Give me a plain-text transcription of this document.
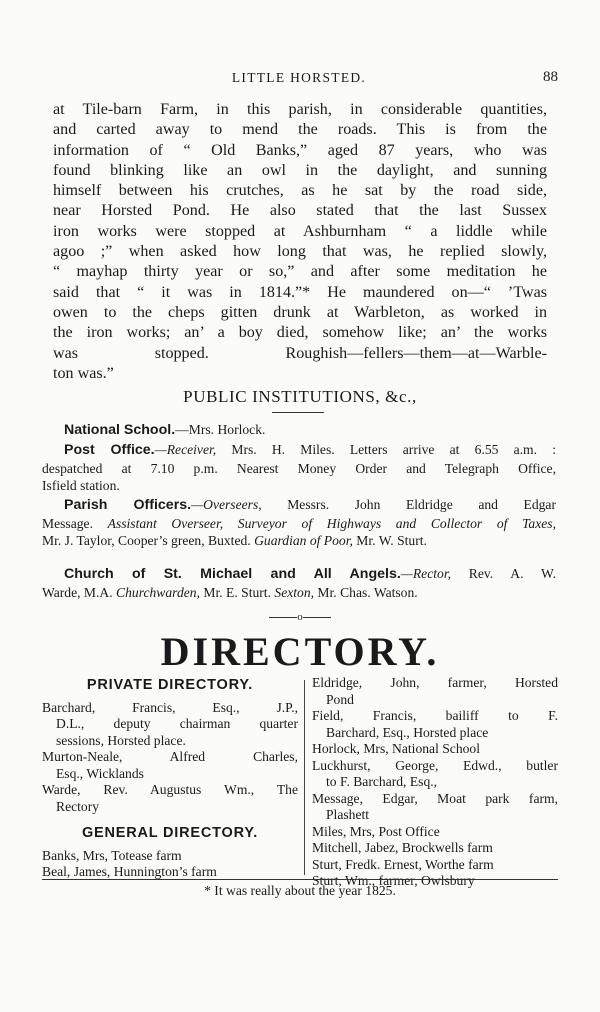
LITTLE HORSTED.	88

at Tile-barn Farm, in this parish, in considerable quantities,
and carted away to mend the roads. This is from the
information of “ Old Banks,” aged 87 years, who was
found blinking like an owl in the daylight, and sunning
himself between his crutches, as he sat by the road side,
near Horsted Pond. He also stated that the last Sussex
iron works were stopped at Ashburnham “ a liddle while
agoo ;” when asked how long that was, he replied slowly,
“ mayhap thirty year or so,” and after some meditation he
said that “ it was in 1814.”* He maundered on—“ ’Twas
owen to the cheps gitten drunk at Warbleton, as worked in
the iron works; an’ a boy died, somehow like; an’ the works
was stopped. Roughish—fellers—them—at—Warble-
ton was.”

PUBLIC INSTITUTIONS, &c.,

National School.—Mrs. Horlock.

Post Office.—Receiver, Mrs. H. Miles. Letters arrive at 6.55 a.m. :
despatched at 7.10 p.m. Nearest Money Order and Telegraph Office,
Isfield station.

Parish Officers.—Overseers, Messrs. John Eldridge and Edgar
Message. Assistant Overseer, Surveyor of Highways and Collector of Taxes,
Mr. J. Taylor, Cooper’s green, Buxted. Guardian of Poor, Mr. W. Sturt.

Church of St. Michael and All Angels.—Rector, Rev. A. W.
Warde, M.A. Churchwarden, Mr. E. Sturt. Sexton, Mr. Chas. Watson.

o
DIRECTORY.
PRIVATE DIRECTORY.

Barchard, Francis, Esq., J.P.,
D.L., deputy chairman quarter
sessions, Horsted place.

Murton-Neale, Alfred Charles,
Esq., Wicklands

Warde, Rev. Augustus Wm., The
Rectory

GENERAL DIRECTORY.

Banks, Mrs, Totease farm

Beal, James, Hunnington’s farm

Eldridge, John, farmer, Horsted
Pond

Field, Francis, bailiff to F.
Barchard, Esq., Horsted place

Horlock, Mrs, National School

Luckhurst, George, Edwd., butler
to F. Barchard, Esq.,

Message, Edgar, Moat park farm,
Plashett

Miles, Mrs, Post Office

Mitchell, Jabez, Brockwells farm

Sturt, Fredk. Ernest, Worthe farm

Sturt, Wm., farmer, Owlsbury

* It was really about the year 1825.
